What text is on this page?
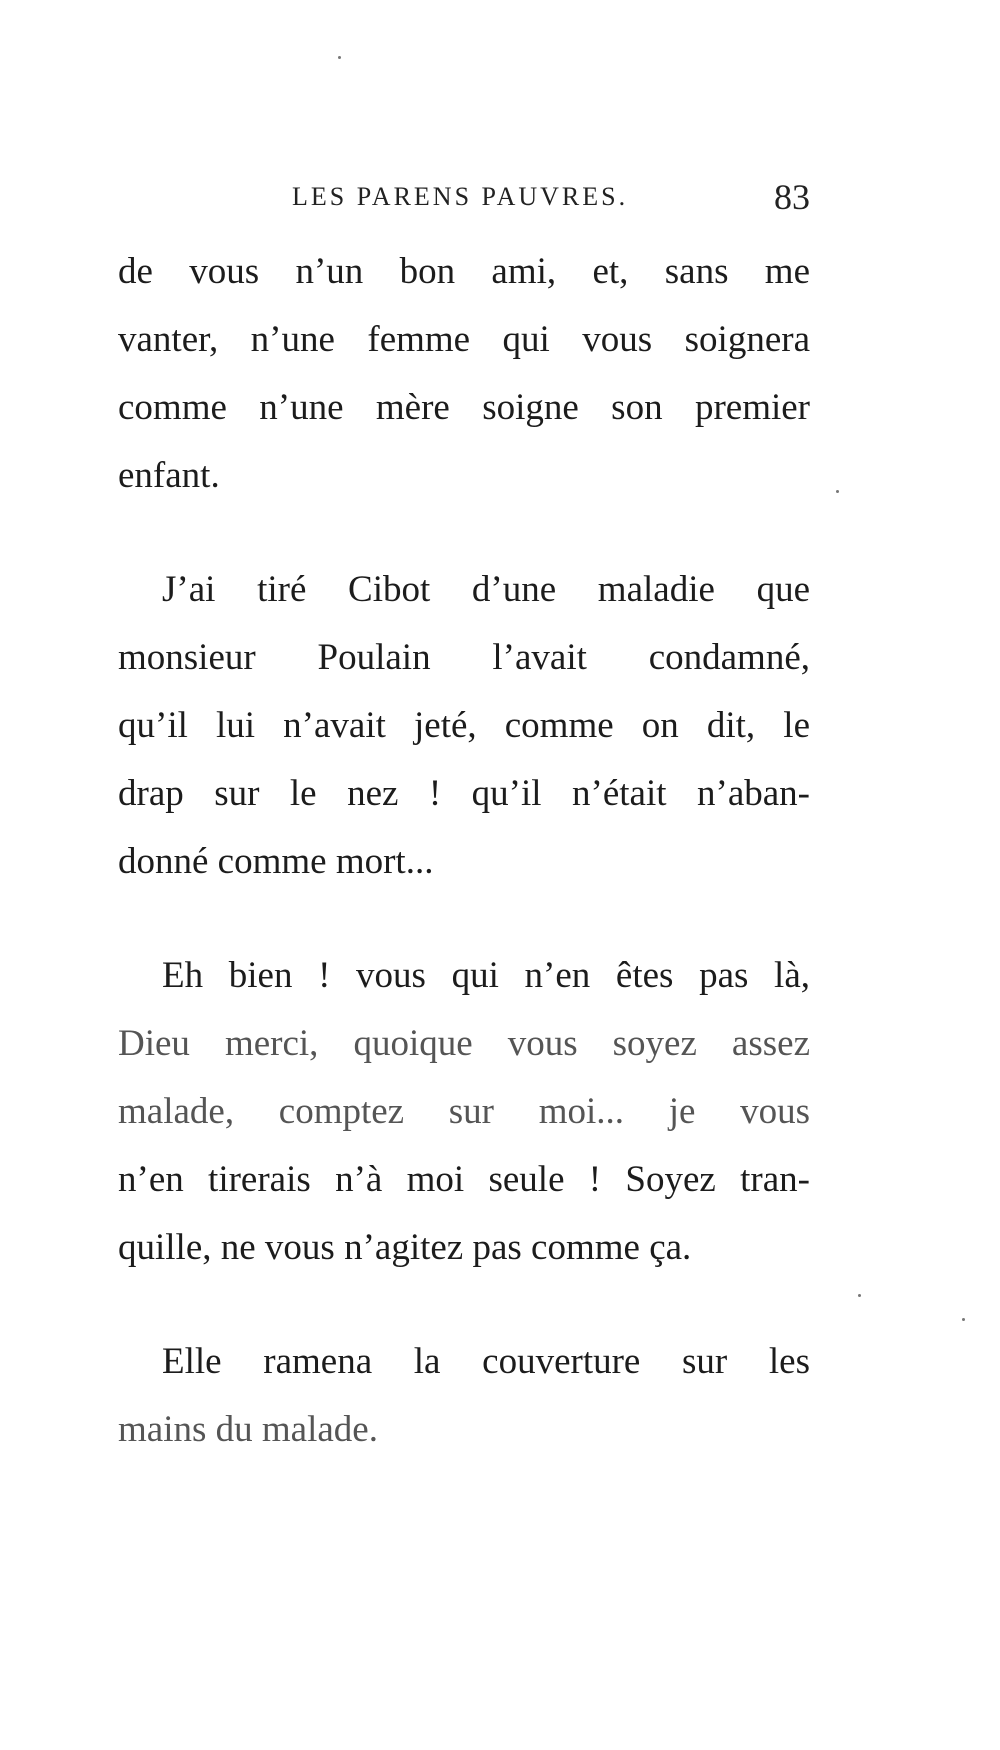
LES PARENS PAUVRES.	83

de vous n’un bon ami, et, sans me
vanter, n’une femme qui vous soignera
comme n’une mère soigne son premier
enfant.

J’ai tiré Cibot d’une maladie que
monsieur Poulain l’avait condamné,
qu’il lui n’avait jeté, comme on dit, le
drap sur le nez ! qu’il n’était n’aban-
donné comme mort...

Eh bien ! vous qui n’en êtes pas là,
Dieu merci, quoique vous soyez assez
malade, comptez sur moi... je vous
n’en tirerais n’à moi seule ! Soyez tran-
quille, ne vous n’agitez pas comme ça.

Elle ramena la couverture sur les
mains du malade.
